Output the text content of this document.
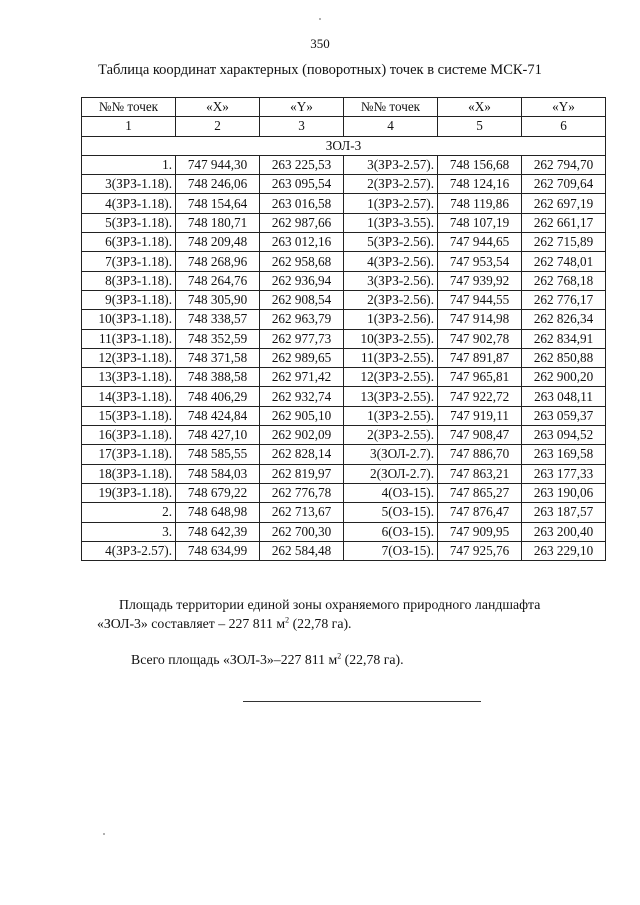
350
Таблица координат характерных (поворотных) точек в системе МСК-71
№№ точек	«X»	«Y»	№№ точек	«X»	«Y»
1	2	3	4	5	6
ЗОЛ-3					
1.	747 944,30	263 225,53	3(ЗРЗ-2.57).	748 156,68	262 794,70
3(ЗРЗ-1.18).	748 246,06	263 095,54	2(ЗРЗ-2.57).	748 124,16	262 709,64
4(ЗРЗ-1.18).	748 154,64	263 016,58	1(ЗРЗ-2.57).	748 119,86	262 697,19
5(ЗРЗ-1.18).	748 180,71	262 987,66	1(ЗРЗ-3.55).	748 107,19	262 661,17
6(ЗРЗ-1.18).	748 209,48	263 012,16	5(ЗРЗ-2.56).	747 944,65	262 715,89
7(ЗРЗ-1.18).	748 268,96	262 958,68	4(ЗРЗ-2.56).	747 953,54	262 748,01
8(ЗРЗ-1.18).	748 264,76	262 936,94	3(ЗРЗ-2.56).	747 939,92	262 768,18
9(ЗРЗ-1.18).	748 305,90	262 908,54	2(ЗРЗ-2.56).	747 944,55	262 776,17
10(ЗРЗ-1.18).	748 338,57	262 963,79	1(ЗРЗ-2.56).	747 914,98	262 826,34
11(ЗРЗ-1.18).	748 352,59	262 977,73	10(ЗРЗ-2.55).	747 902,78	262 834,91
12(ЗРЗ-1.18).	748 371,58	262 989,65	11(ЗРЗ-2.55).	747 891,87	262 850,88
13(ЗРЗ-1.18).	748 388,58	262 971,42	12(ЗРЗ-2.55).	747 965,81	262 900,20
14(ЗРЗ-1.18).	748 406,29	262 932,74	13(ЗРЗ-2.55).	747 922,72	263 048,11
15(ЗРЗ-1.18).	748 424,84	262 905,10	1(ЗРЗ-2.55).	747 919,11	263 059,37
16(ЗРЗ-1.18).	748 427,10	262 902,09	2(ЗРЗ-2.55).	747 908,47	263 094,52
17(ЗРЗ-1.18).	748 585,55	262 828,14	3(ЗОЛ-2.7).	747 886,70	263 169,58
18(ЗРЗ-1.18).	748 584,03	262 819,97	2(ЗОЛ-2.7).	747 863,21	263 177,33
19(ЗРЗ-1.18).	748 679,22	262 776,78	4(ОЗ-15).	747 865,27	263 190,06
2.	748 648,98	262 713,67	5(ОЗ-15).	747 876,47	263 187,57
3.	748 642,39	262 700,30	6(ОЗ-15).	747 909,95	263 200,40
4(ЗРЗ-2.57).	748 634,99	262 584,48	7(ОЗ-15).	747 925,76	263 229,10
Площадь территории единой зоны охраняемого природного ландшафта «ЗОЛ-3» составляет – 227 811 $м^2$ (22,78 га).
Всего площадь «ЗОЛ-3»–227 811 $м^2$ (22,78 га).
